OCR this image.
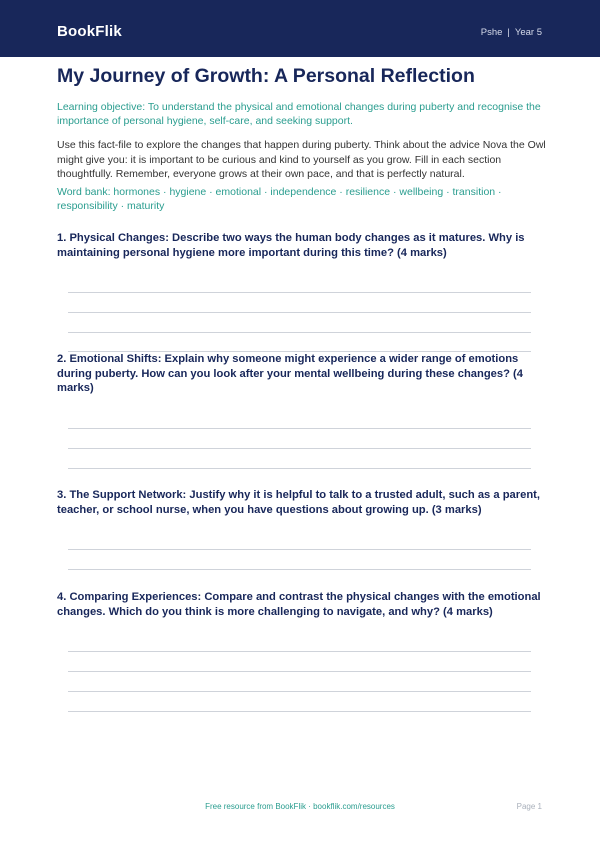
BookFlik	Pshe | Year 5
My Journey of Growth: A Personal Reflection

Learning objective: To understand the physical and emotional changes during puberty and recognise the importance of personal hygiene, self-care, and seeking support.

Use this fact-file to explore the changes that happen during puberty. Think about the advice Nova the Owl might give you: it is important to be curious and kind to yourself as you grow. Fill in each section thoughtfully. Remember, everyone grows at their own pace, and that is perfectly natural.

Word bank: hormones · hygiene · emotional · independence · resilience · wellbeing · transition · responsibility · maturity

1. Physical Changes: Describe two ways the human body changes as it matures. Why is maintaining personal hygiene more important during this time? (4 marks)

2. Emotional Shifts: Explain why someone might experience a wider range of emotions during puberty. How can you look after your mental wellbeing during these changes? (4 marks)

3. The Support Network: Justify why it is helpful to talk to a trusted adult, such as a parent, teacher, or school nurse, when you have questions about growing up. (3 marks)

4. Comparing Experiences: Compare and contrast the physical changes with the emotional changes. Which do you think is more challenging to navigate, and why? (4 marks)

Free resource from BookFlik · bookflik.com/resources	Page 1
